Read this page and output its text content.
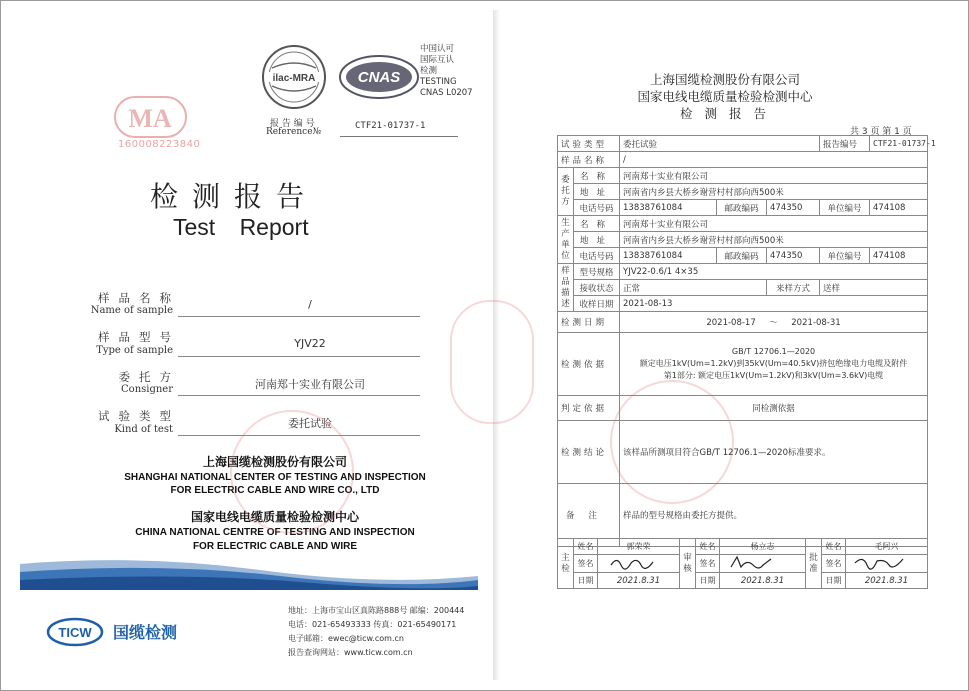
ilac-MRA	CNAS
中国认可
国际互认
检测
TESTING
CNAS L0207
报 告 编 号
Reference№
CTF21-01737-1
MA
160008223840
检测报告
Test Report
样品名称
Name of sample	/
样品型号
Type of sample
YJV22
委托方
Consigner	河南郑十实业有限公司
试验类型
Kind of test	委托试验
上海国缆检测股份有限公司
SHANGHAI NATIONAL CENTER OF TESTING AND INSPECTION
FOR ELECTRIC CABLE AND WIRE CO., LTD
国家电线电缆质量检验检测中心
CHINA NATIONAL CENTRE OF TESTING AND INSPECTION
FOR ELECTRIC CABLE AND WIRE
TICW 国缆检测
地址：上海市宝山区真陈路888号 邮编：200444
电话：021-65493333 传真：021-65490171
电子邮箱：ewec@ticw.com.cn
报告查询网站：www.ticw.com.cn
上海国缆检测股份有限公司
国家电线电缆质量检验检测中心
检 测 报 告
共 3 页 第 1 页
试验类型		委托试验			报告编号	CTF21-01737-1
样品名称		/				
委托方	名称	河南郑十实业有限公司				
	地址	河南省内乡县大桥乡谢营村村部向西500米				
	电话号码	13838761084	邮政编码	474350	单位编号	474108
生产单位	名称	河南郑十实业有限公司				
	地址	河南省内乡县大桥乡谢营村村部向西500米				
	电话号码	13838761084	邮政编码	474350	单位编号	474108
样品描述	型号规格	YJV22-0.6/1 4×35				
	接收状态	正常		来样方式	送样	
	收样日期	2021-08-13				
检测日期		2021-08-17     ～     2021-08-31				
检测依据		GB/T 12706.1—2020
额定电压1kV(Um=1.2kV)到35kV(Um=40.5kV)挤包绝缘电力电缆及附件
第1部分: 额定电压1kV(Um=1.2kV)和3kV(Um=3.6kV)电缆				

判定依据		同检测依据				
检测结论		该样品所测项目符合GB/T 12706.1—2020标准要求。				
备注		样品的型号规格由委托方提供。				
主检	姓名	郭荣荣	审核	姓名	杨立志	批准	姓名	毛阿兴
	签名			签名			签名	
	日期	2021.8.31		日期	2021.8.31		日期	2021.8.31
